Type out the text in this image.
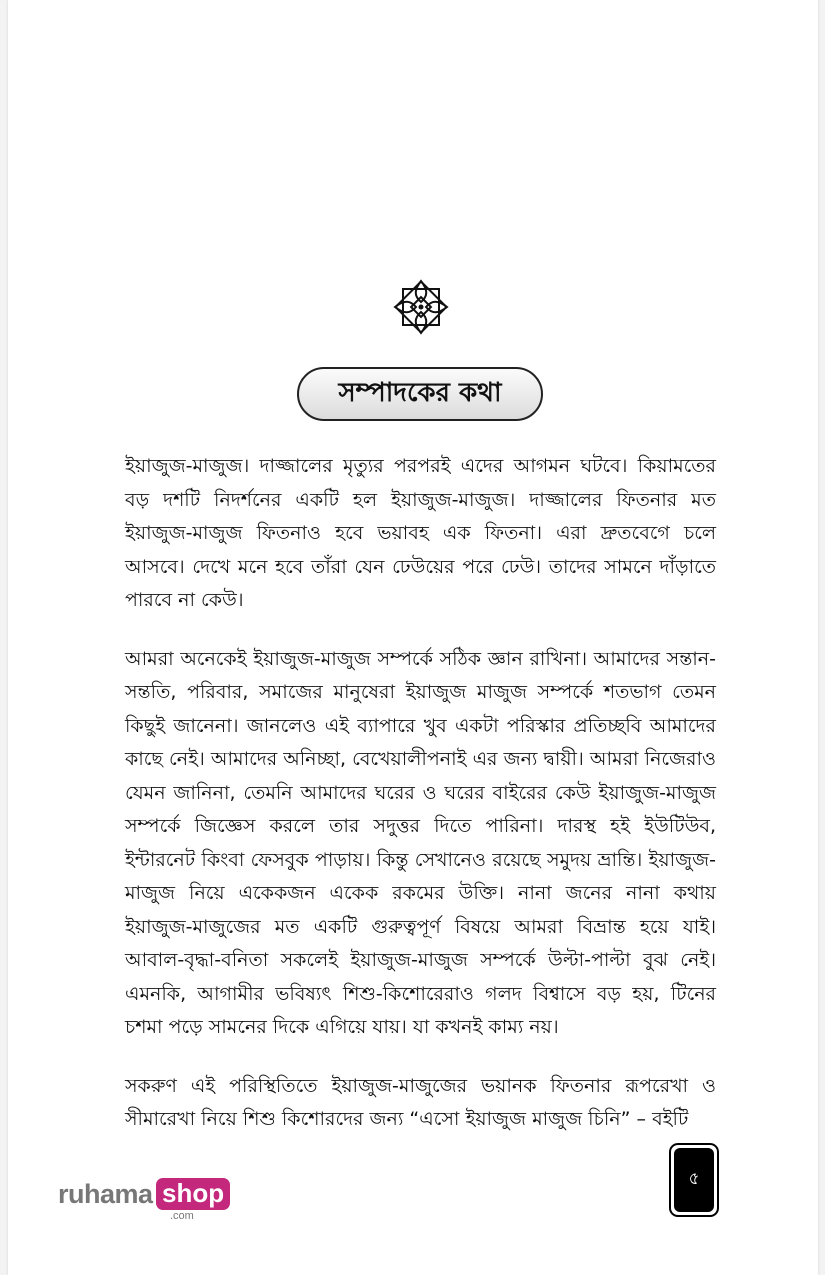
সম্পাদকের কথা

ইয়াজুজ-মাজুজ। দাজ্জালের মৃত্যুর পরপরই এদের আগমন ঘটবে। কিয়ামতের বড় দশটি নিদর্শনের একটি হল ইয়াজুজ-মাজুজ। দাজ্জালের ফিতনার মত ইয়াজুজ-মাজুজ ফিতনাও হবে ভয়াবহ এক ফিতনা। এরা দ্রুতবেগে চলে আসবে। দেখে মনে হবে তাঁরা যেন ঢেউয়ের পরে ঢেউ। তাদের সামনে দাঁড়াতে পারবে না কেউ।

আমরা অনেকেই ইয়াজুজ-মাজুজ সম্পর্কে সঠিক জ্ঞান রাখিনা। আমাদের সন্তান-সন্ততি, পরিবার, সমাজের মানুষেরা ইয়াজুজ মাজুজ সম্পর্কে শতভাগ তেমন কিছুই জানেনা। জানলেও এই ব্যাপারে খুব একটা পরিস্কার প্রতিচ্ছবি আমাদের কাছে নেই। আমাদের অনিচ্ছা, বেখেয়ালীপনাই এর জন্য দ্বায়ী। আমরা নিজেরাও যেমন জানিনা, তেমনি আমাদের ঘরের ও ঘরের বাইরের কেউ ইয়াজুজ-মাজুজ সম্পর্কে জিজ্ঞেস করলে তার সদুত্তর দিতে পারিনা। দারস্থ হই ইউটিউব, ইন্টারনেট কিংবা ফেসবুক পাড়ায়। কিন্তু সেখানেও রয়েছে সমুদয় ভ্রান্তি। ইয়াজুজ-মাজুজ নিয়ে একেকজন একেক রকমের উক্তি। নানা জনের নানা কথায় ইয়াজুজ-মাজুজের মত একটি গুরুত্বপূর্ণ বিষয়ে আমরা বিভ্রান্ত হয়ে যাই। আবাল-বৃদ্ধা-বনিতা সকলেই ইয়াজুজ-মাজুজ সম্পর্কে উল্টা-পাল্টা বুঝ নেই। এমনকি, আগামীর ভবিষ্যৎ শিশু-কিশোরেরাও গলদ বিশ্বাসে বড় হয়, টিনের চশমা পড়ে সামনের দিকে এগিয়ে যায়। যা কখনই কাম্য নয়।

সকরুণ এই পরিস্থিতিতে ইয়াজুজ-মাজুজের ভয়ানক ফিতনার রূপরেখা ও সীমারেখা নিয়ে শিশু কিশোরদের জন্য “এসো ইয়াজুজ মাজুজ চিনি” – বইটি

৫
ruhama shop
.com
